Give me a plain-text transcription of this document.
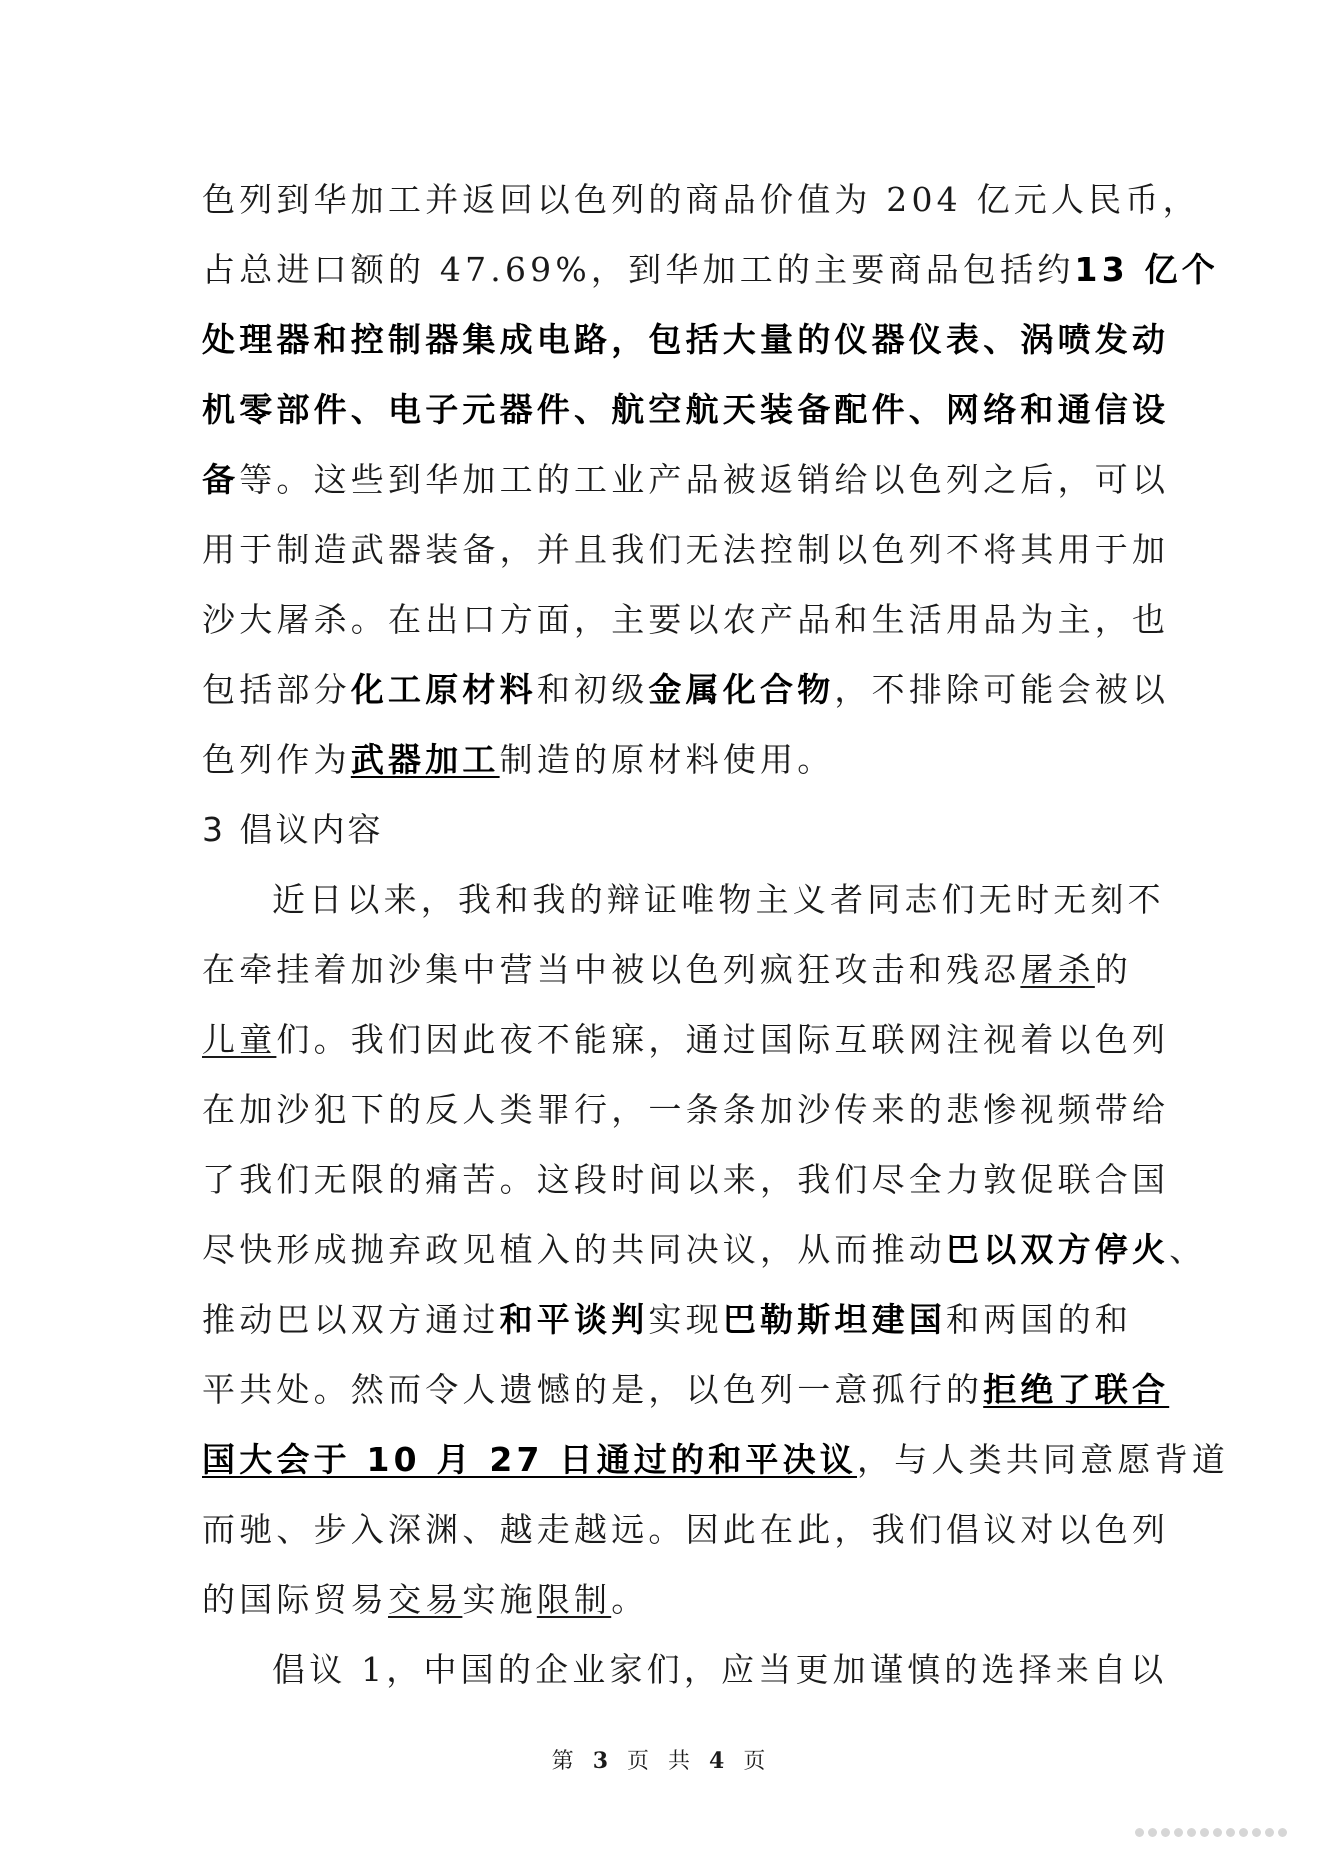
色列到华加工并返回以色列的商品价值为 204 亿元人民币，
占总进口额的 47.69%，到华加工的主要商品包括约13 亿个
处理器和控制器集成电路，包括大量的仪器仪表、涡喷发动
机零部件、电子元器件、航空航天装备配件、网络和通信设
备等。这些到华加工的工业产品被返销给以色列之后，可以
用于制造武器装备，并且我们无法控制以色列不将其用于加
沙大屠杀。在出口方面，主要以农产品和生活用品为主，也
包括部分化工原材料和初级金属化合物，不排除可能会被以
色列作为武器加工制造的原材料使用。
3 倡议内容
近日以来，我和我的辩证唯物主义者同志们无时无刻不
在牵挂着加沙集中营当中被以色列疯狂攻击和残忍屠杀的
儿童们。我们因此夜不能寐，通过国际互联网注视着以色列
在加沙犯下的反人类罪行，一条条加沙传来的悲惨视频带给
了我们无限的痛苦。这段时间以来，我们尽全力敦促联合国
尽快形成抛弃政见植入的共同决议，从而推动巴以双方停火、
推动巴以双方通过和平谈判实现巴勒斯坦建国和两国的和
平共处。然而令人遗憾的是，以色列一意孤行的拒绝了联合
国大会于 10 月 27 日通过的和平决议，与人类共同意愿背道
而驰、步入深渊、越走越远。因此在此，我们倡议对以色列
的国际贸易交易实施限制。
倡议 1，中国的企业家们，应当更加谨慎的选择来自以
第 3 页 共 4 页
